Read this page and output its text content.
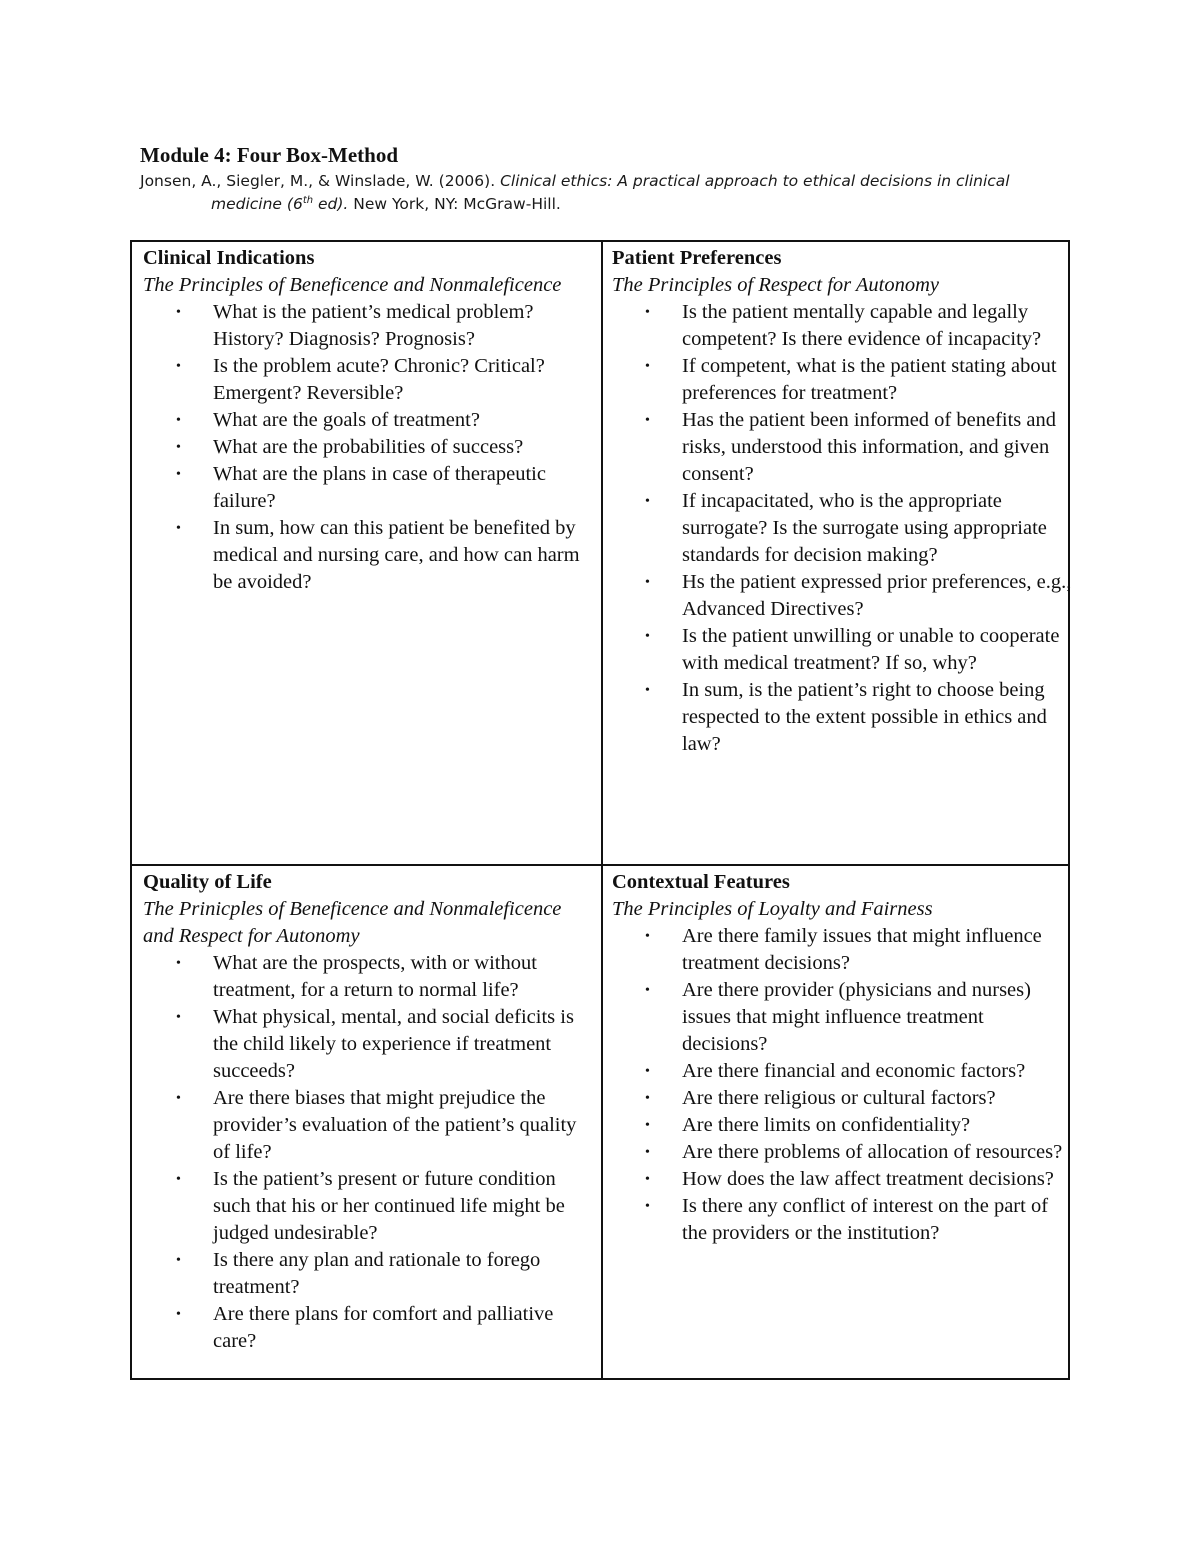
Module 4: Four Box-Method
Jonsen, A., Siegler, M., & Winslade, W. (2006). Clinical ethics: A practical approach to ethical decisions in clinical
medicine (6th ed). New York, NY: McGraw-Hill.
Clinical Indications
The Principles of Beneficence and Nonmaleficence
• What is the patient’s medical problem? History? Diagnosis? Prognosis?
• Is the problem acute? Chronic? Critical? Emergent? Reversible?
• What are the goals of treatment?
• What are the probabilities of success?
• What are the plans in case of therapeutic failure?
• In sum, how can this patient be benefited by medical and nursing care, and how can harm be avoided?
Patient Preferences
The Principles of Respect for Autonomy
• Is the patient mentally capable and legally competent? Is there evidence of incapacity?
• If competent, what is the patient stating about preferences for treatment?
• Has the patient been informed of benefits and risks, understood this information, and given consent?
• If incapacitated, who is the appropriate surrogate? Is the surrogate using appropriate standards for decision making?
• Hs the patient expressed prior preferences, e.g., Advanced Directives?
• Is the patient unwilling or unable to cooperate with medical treatment? If so, why?
• In sum, is the patient’s right to choose being respected to the extent possible in ethics and law?
Quality of Life
The Prinicples of Beneficence and Nonmaleficence and Respect for Autonomy
• What are the prospects, with or without treatment, for a return to normal life?
• What physical, mental, and social deficits is the child likely to experience if treatment succeeds?
• Are there biases that might prejudice the provider’s evaluation of the patient’s quality of life?
• Is the patient’s present or future condition such that his or her continued life might be judged undesirable?
• Is there any plan and rationale to forego treatment?
• Are there plans for comfort and palliative care?
Contextual Features
The Principles of Loyalty and Fairness
• Are there family issues that might influence treatment decisions?
• Are there provider (physicians and nurses) issues that might influence treatment decisions?
• Are there financial and economic factors?
• Are there religious or cultural factors?
• Are there limits on confidentiality?
• Are there problems of allocation of resources?
• How does the law affect treatment decisions?
• Is there any conflict of interest on the part of the providers or the institution?
